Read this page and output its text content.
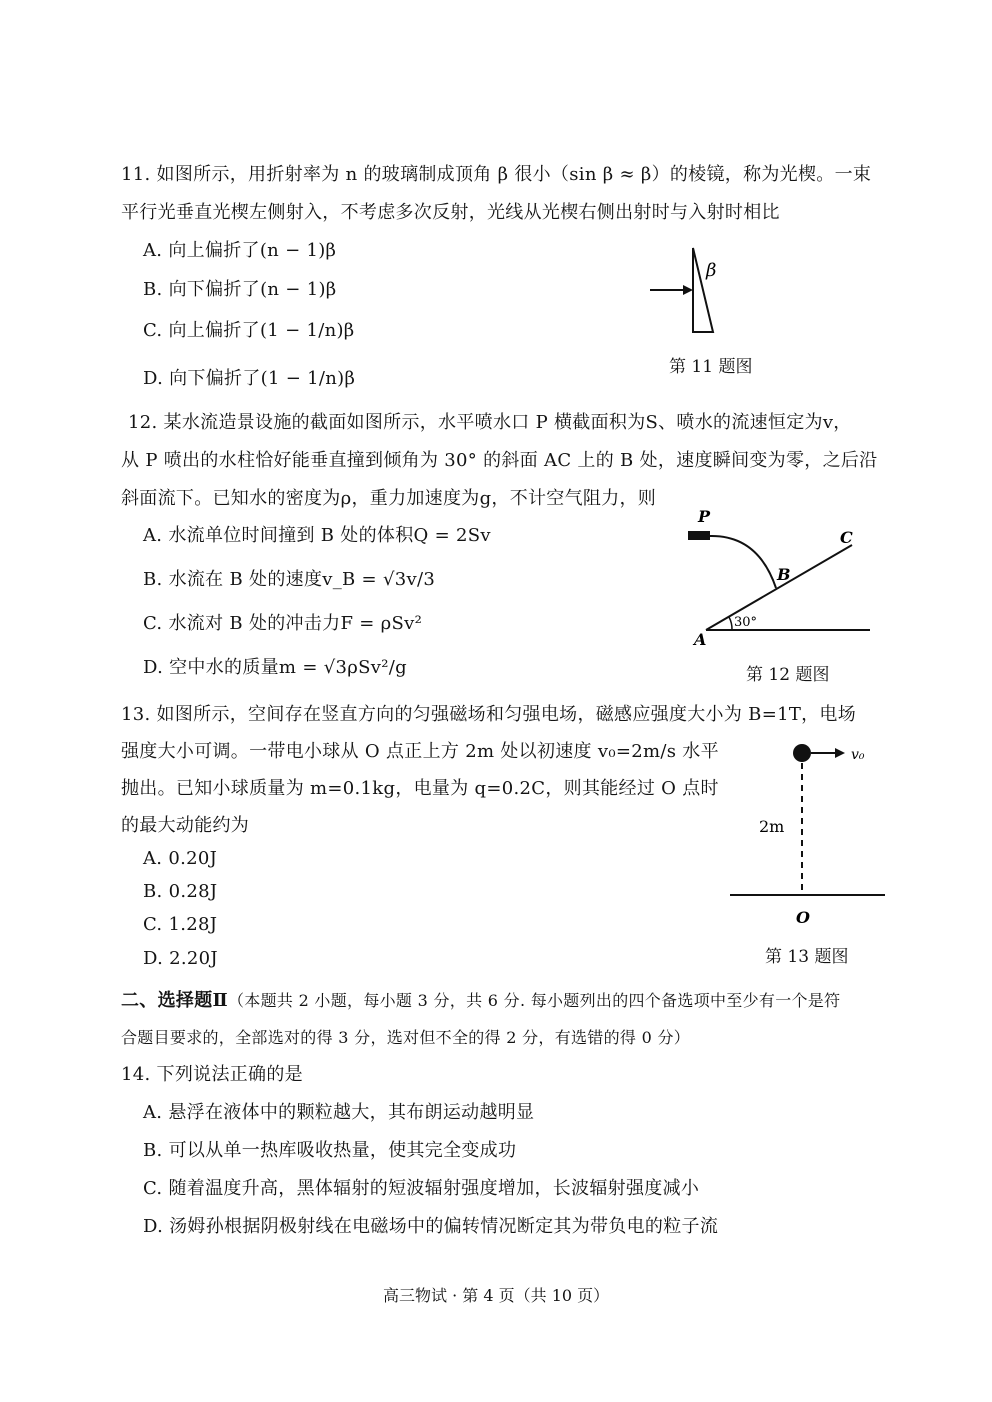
11. 如图所示，用折射率为 n 的玻璃制成顶角 β 很小（sin β ≈ β）的棱镜，称为光楔。一束
平行光垂直光楔左侧射入，不考虑多次反射，光线从光楔右侧出射时与入射时相比
A. 向上偏折了(n − 1)β
B. 向下偏折了(n − 1)β
C. 向上偏折了(1 − 1/n)β
D. 向下偏折了(1 − 1/n)β
β
第 11 题图
12. 某水流造景设施的截面如图所示，水平喷水口 P 横截面积为S、喷水的流速恒定为v，
从 P 喷出的水柱恰好能垂直撞到倾角为 30° 的斜面 AC 上的 B 处，速度瞬间变为零，之后沿
斜面流下。已知水的密度为ρ，重力加速度为g，不计空气阻力，则
A. 水流单位时间撞到 B 处的体积Q = 2Sv
B. 水流在 B 处的速度v_B = √3v/3
C. 水流对 B 处的冲击力F = ρSv²
D. 空中水的质量m = √3ρSv²/g
P
B
C
A
30°
第 12 题图
13. 如图所示，空间存在竖直方向的匀强磁场和匀强电场，磁感应强度大小为 B=1T，电场
强度大小可调。一带电小球从 O 点正上方 2m 处以初速度 v₀=2m/s 水平
抛出。已知小球质量为 m=0.1kg，电量为 q=0.2C，则其能经过 O 点时
的最大动能约为
A. 0.20J
B. 0.28J
C. 1.28J
D. 2.20J
v₀
2m
O
第 13 题图
二、选择题Ⅱ（本题共 2 小题，每小题 3 分，共 6 分. 每小题列出的四个备选项中至少有一个是符
合题目要求的，全部选对的得 3 分，选对但不全的得 2 分，有选错的得 0 分）
14. 下列说法正确的是
A. 悬浮在液体中的颗粒越大，其布朗运动越明显
B. 可以从单一热库吸收热量，使其完全变成功
C. 随着温度升高，黑体辐射的短波辐射强度增加，长波辐射强度减小
D. 汤姆孙根据阴极射线在电磁场中的偏转情况断定其为带负电的粒子流
高三物试 · 第 4 页（共 10 页）
